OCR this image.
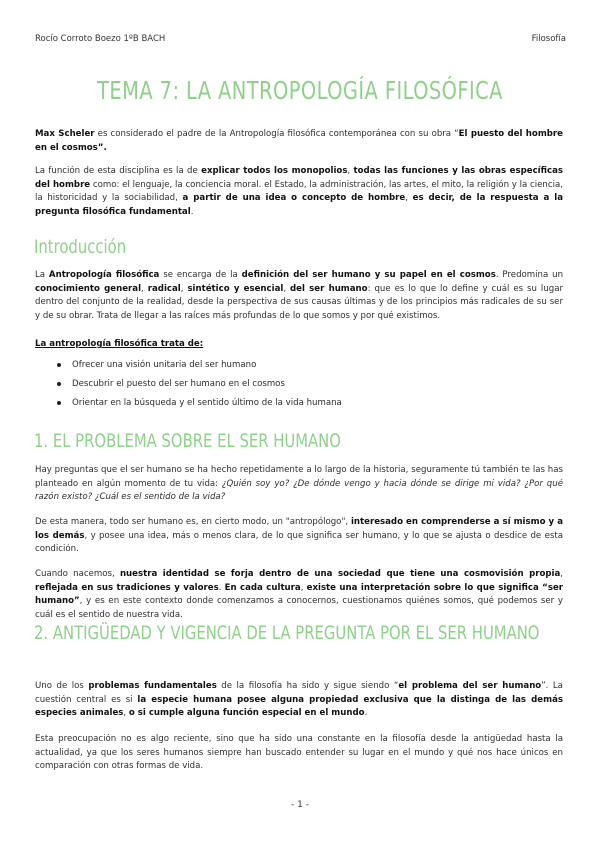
Rocío Corroto Boezo 1ºB BACH	Filosofía
TEMA 7: LA ANTROPOLOGÍA FILOSÓFICA
Max Scheler es considerado el padre de la Antropología filosófica contemporánea con su obra “El puesto del hombre en el cosmos”.
La función de esta disciplina es la de explicar todos los monopolios, todas las funciones y las obras específicas del hombre como: el lenguaje, la conciencia moral. el Estado, la administración, las artes, el mito, la religión y la ciencia, la historicidad y la sociabilidad, a partir de una idea o concepto de hombre, es decir, de la respuesta a la pregunta filosófica fundamental.
Introducción
La Antropología filosófica se encarga de la definición del ser humano y su papel en el cosmos. Predomina un conocimiento general, radical, sintético y esencial, del ser humano: que es lo que lo define y cuál es su lugar dentro del conjunto de la realidad, desde la perspectiva de sus causas últimas y de los principios más radicales de su ser y de su obrar. Trata de llegar a las raíces más profundas de lo que somos y por qué existimos.
La antropología filosófica trata de:
Ofrecer una visión unitaria del ser humano
Descubrir el puesto del ser humano en el cosmos
Orientar en la búsqueda y el sentido último de la vida humana
1. EL PROBLEMA SOBRE EL SER HUMANO
Hay preguntas que el ser humano se ha hecho repetidamente a lo largo de la historia, seguramente tú también te las has planteado en algún momento de tu vida: ¿Quién soy yo? ¿De dónde vengo y hacia dónde se dirige mi vida? ¿Por qué razón existo? ¿Cuál es el sentido de la vida?
De esta manera, todo ser humano es, en cierto modo, un "antropólogo", interesado en comprenderse a sí mismo y a los demás, y posee una idea, más o menos clara, de lo que significa ser humano, y lo que se ajusta o desdice de esta condición.
Cuando nacemos, nuestra identidad se forja dentro de una sociedad que tiene una cosmovisión propia, reflejada en sus tradiciones y valores. En cada cultura, existe una interpretación sobre lo que significa “ser humano”, y es en este contexto donde comenzamos a conocernos, cuestionamos quiénes somos, qué podemos ser y cuál es el sentido de nuestra vida.
2. ANTIGÜEDAD Y VIGENCIA DE LA PREGUNTA POR EL SER HUMANO
Uno de los problemas fundamentales de la filosofía ha sido y sigue siendo “el problema del ser humano”. La cuestión central es si la especie humana posee alguna propiedad exclusiva que la distinga de las demás especies animales, o si cumple alguna función especial en el mundo.
Esta preocupación no es algo reciente, sino que ha sido una constante en la filosofía desde la antigüedad hasta la actualidad, ya que los seres humanos siempre han buscado entender su lugar en el mundo y qué nos hace únicos en comparación con otras formas de vida.
- 1 -
